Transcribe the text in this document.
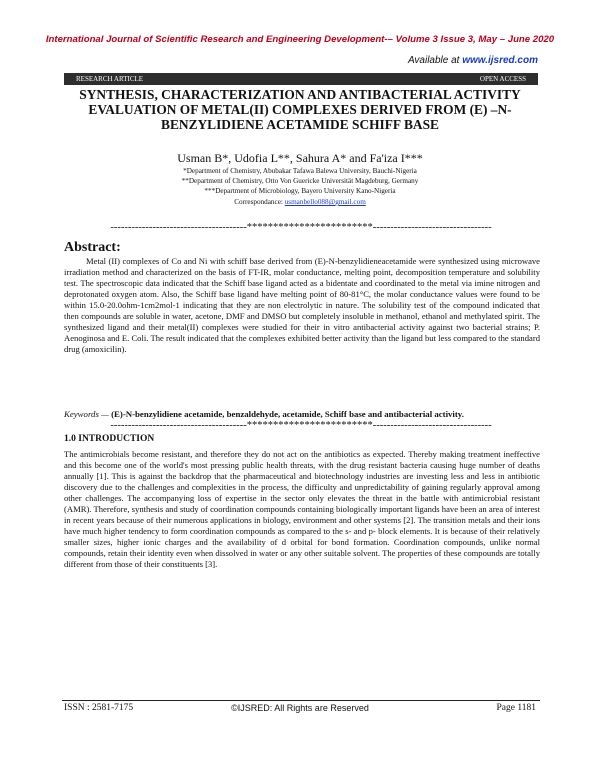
International Journal of Scientific Research and Engineering Development-– Volume 3 Issue 3, May – June 2020
Available at www.ijsred.com
RESEARCH ARTICLE	OPEN ACCESS
SYNTHESIS, CHARACTERIZATION AND ANTIBACTERIAL ACTIVITY EVALUATION OF METAL(II) COMPLEXES DERIVED FROM (E) –N-BENZYLIDIENE ACETAMIDE SCHIFF BASE
Usman B*, Udofia L**, Sahura A* and Fa'iza I***
*Department of Chemistry, Abubakar Tafawa Balewa University, Bauchi-Nigeria
**Department of Chemistry, Otto Von Guericke Universität Magdeburg, Germany
***Department of Microbiology, Bayero University Kano-Nigeria
Correspondance: usmanbello088@gmail.com
---------------------------------------************************----------------------------------
Abstract:

Metal (II) complexes of Co and Ni with schiff base derived from (E)-N-benzylidieneacetamide were synthesized using microwave irradiation method and characterized on the basis of FT-IR, molar conductance, melting point, decomposition temperature and solubility test. The spectroscopic data indicated that the Schiff base ligand acted as a bidentate and coordinated to the metal via imine nitrogen and deprotonated oxygen atom. Also, the Schiff base ligand have melting point of 80-81°C, the molar conductance values were found to be within 15.0-20.0ohm-1cm2mol-1 indicating that they are non electrolytic in nature. The solubility test of the compound indicated that then compounds are soluble in water, acetone, DMF and DMSO but completely insoluble in methanol, ethanol and methylated spirit. The synthesized ligand and their metal(II) complexes were studied for their in vitro antibacterial activity against two bacterial strains; P. Aenoginosa and E. Coli. The result indicated that the complexes exhibited better activity than the ligand but less compared to the standard drug (amoxicilin).

Keywords — (E)-N-benzylidiene acetamide, benzaldehyde, acetamide, Schiff base and antibacterial activity.
---------------------------------------************************----------------------------------
1.0 INTRODUCTION

The antimicrobials become resistant, and therefore they do not act on the antibiotics as expected. Thereby making treatment ineffective and this become one of the world's most pressing public health threats, with the drug resistant bacteria causing huge number of deaths annually [1]. This is against the backdrop that the pharmaceutical and biotechnology industries are investing less and less in antibiotic discovery due to the challenges and complexities in the process, the difficulty and unpredictability of gaining regularly approval among other challenges. The accompanying loss of expertise in the sector only elevates the threat in the battle with antimicrobial resistant (AMR). Therefore, synthesis and study of coordination compounds containing biologically important ligands have been an area of interest in recent years because of their numerous applications in biology, environment and other systems [2]. The transition metals and their ions have much higher tendency to form coordination compounds as compared to the s- and p- block elements. It is because of their relatively smaller sizes, higher ionic charges and the availability of d orbital for bond formation. Coordination compounds, unlike normal compounds, retain their identity even when dissolved in water or any other suitable solvent. The properties of these compounds are totally different from those of their constituents [3].

ISSN : 2581-7175	©IJSRED: All Rights are Reserved	Page 1181
